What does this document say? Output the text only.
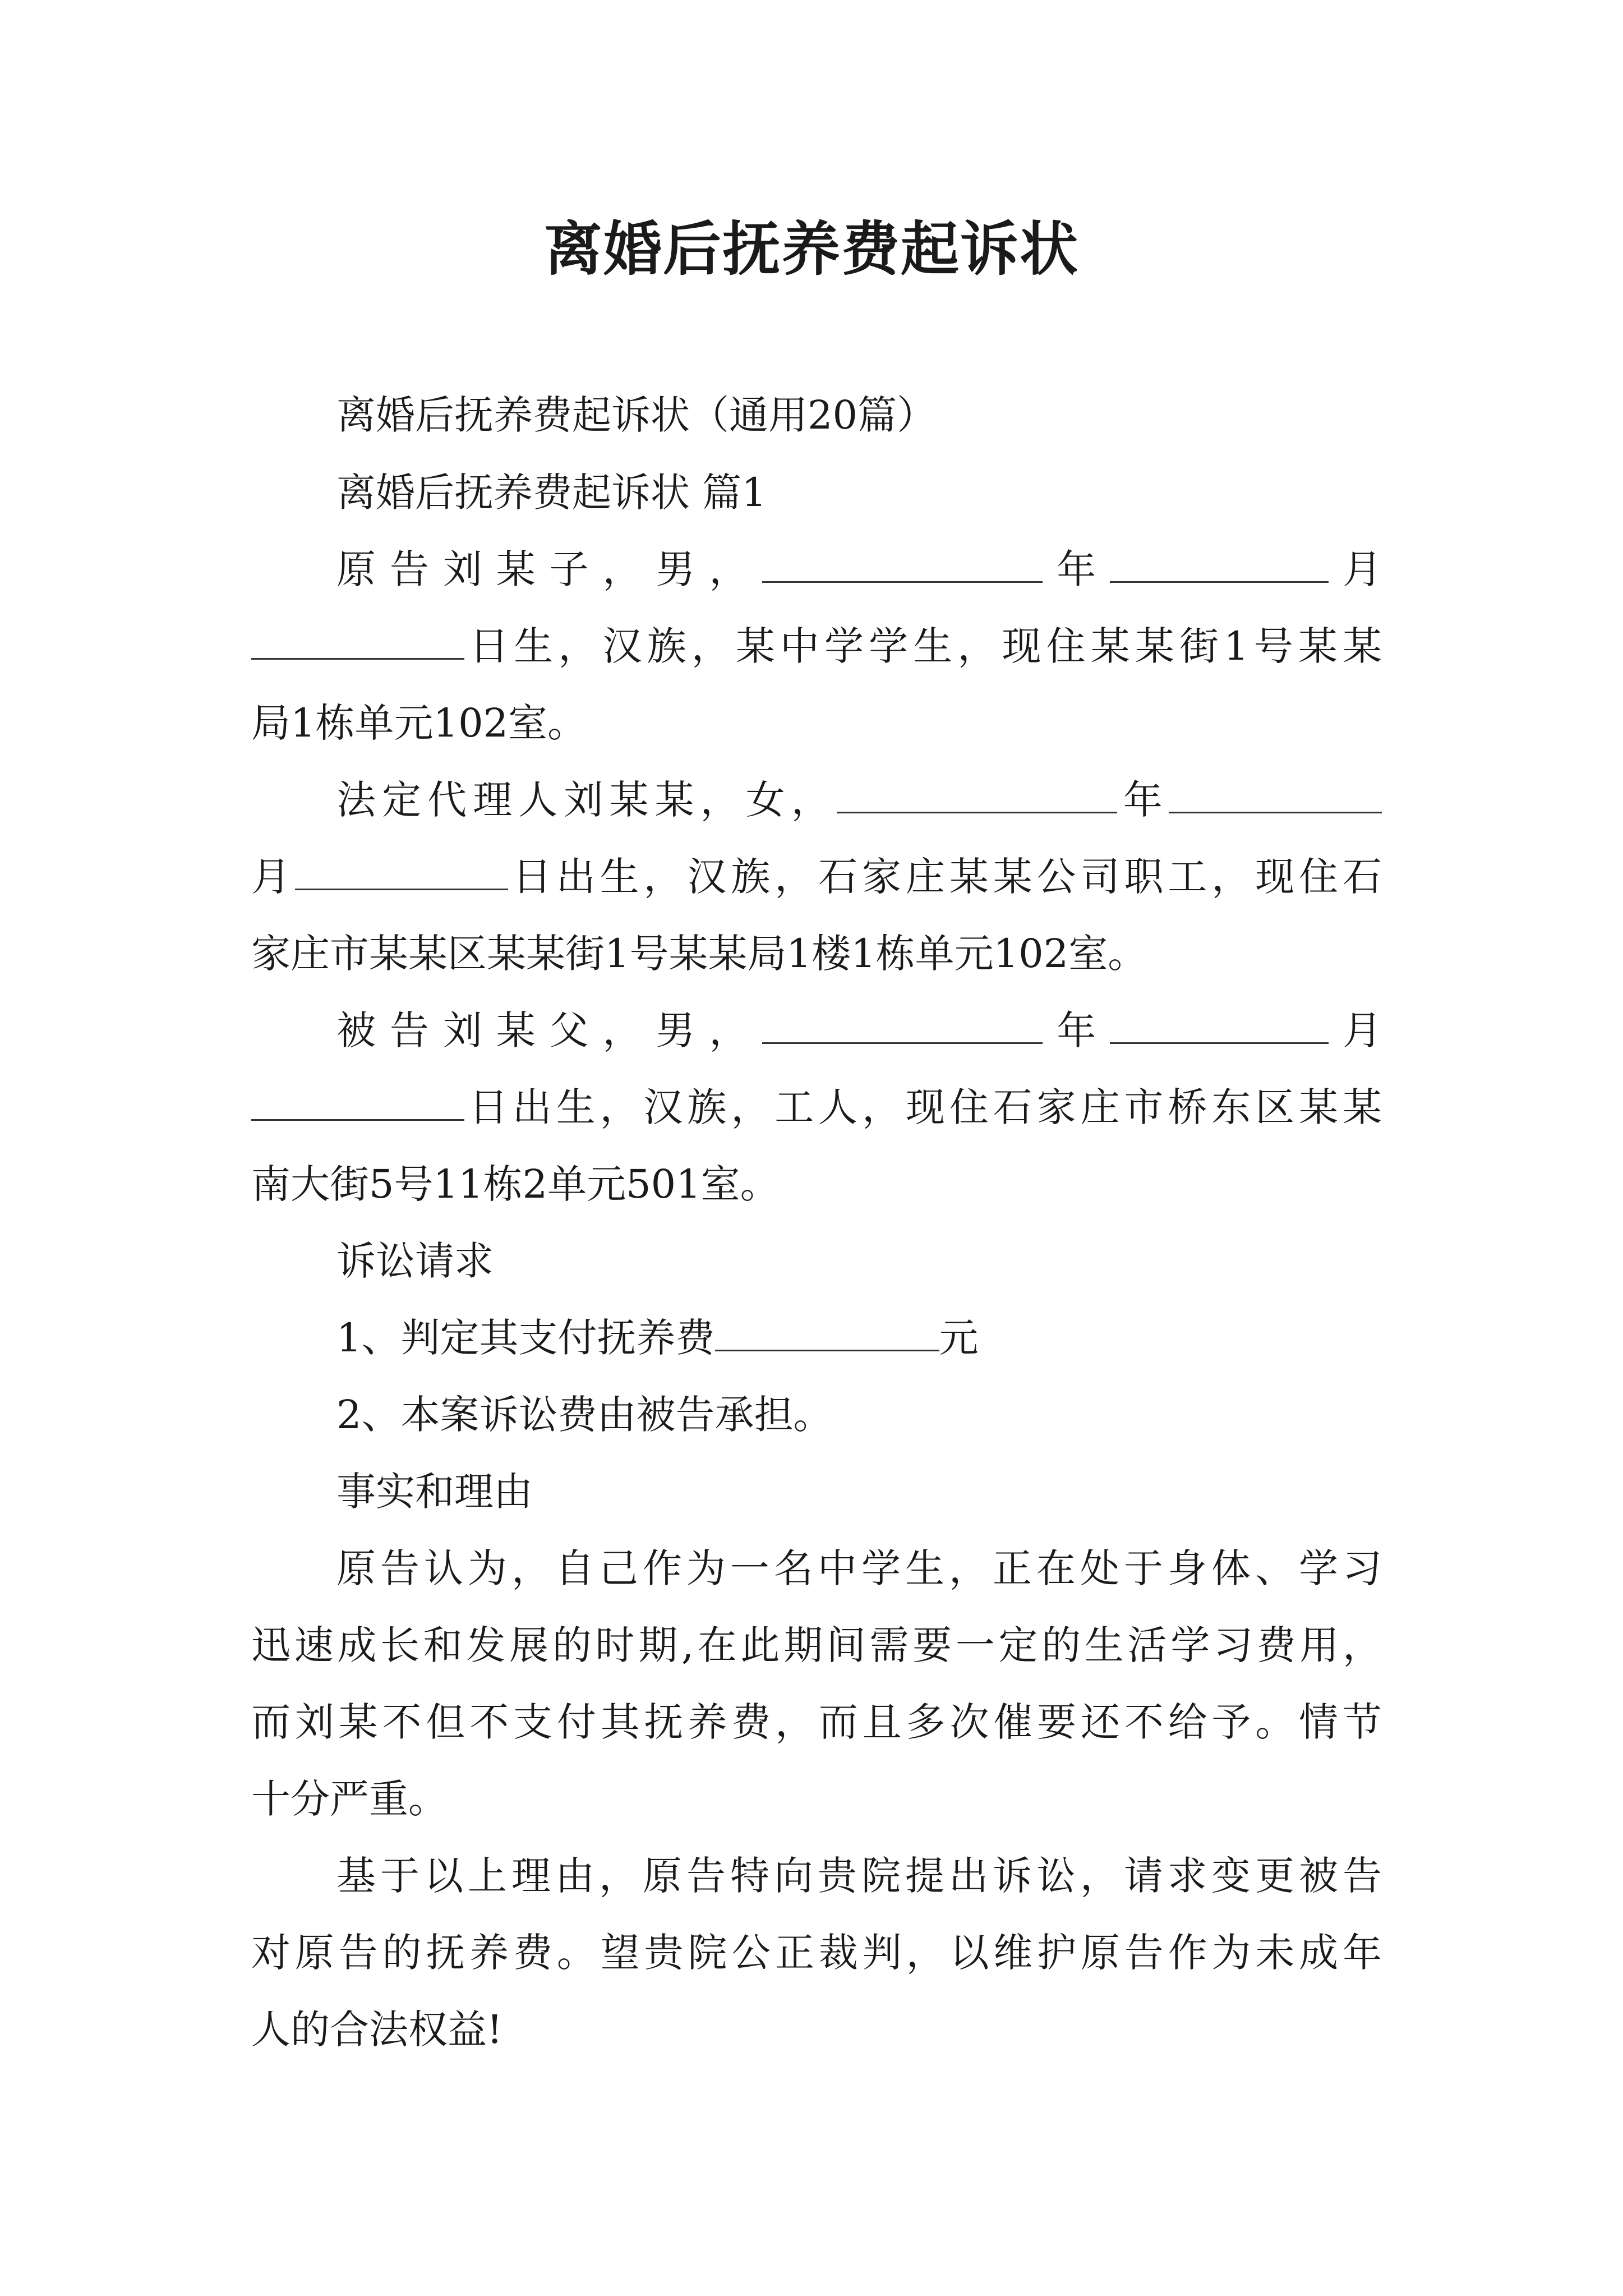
离婚后抚养费起诉状
离婚后抚养费起诉状（通用20篇）
离婚后抚养费起诉状 篇1
原告刘某子，男，	年	月
日生，汉族，某中学学生，现住某某街1号某某
局1栋单元102室。
法定代理人刘某某，女，	年
月	日出生，汉族，石家庄某某公司职工，现住石
家庄市某某区某某街1号某某局1楼1栋单元102室。
被告刘某父，男，	年	月
日出生，汉族，工人，现住石家庄市桥东区某某
南大街5号11栋2单元501室。
诉讼请求
1、判定其支付抚养费	元
2、本案诉讼费由被告承担。
事实和理由
原告认为，自己作为一名中学生，正在处于身体、学习
迅速成长和发展的时期,在此期间需要一定的生活学习费用，
而刘某不但不支付其抚养费，而且多次催要还不给予。情节
十分严重。
基于以上理由，原告特向贵院提出诉讼，请求变更被告
对原告的抚养费。望贵院公正裁判，以维护原告作为未成年
人的合法权益!
